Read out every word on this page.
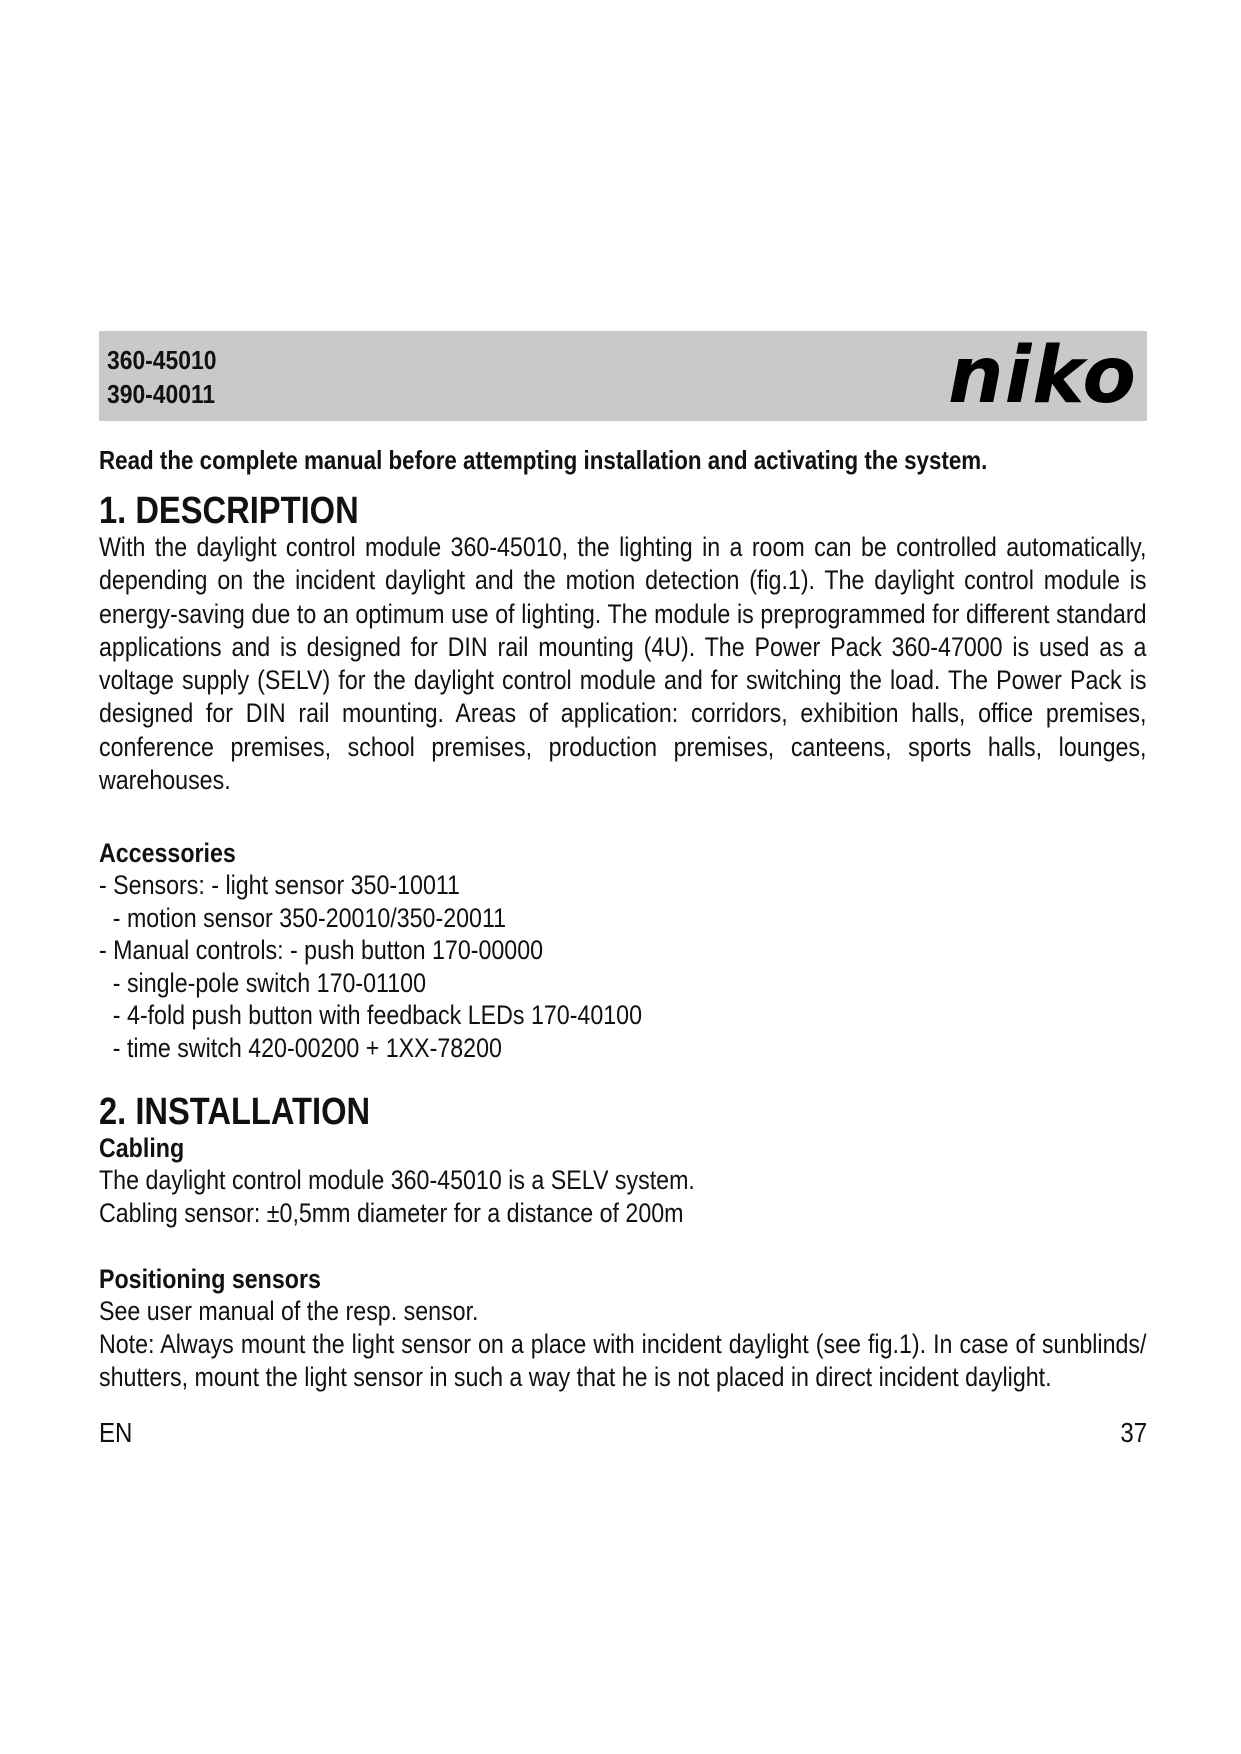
360-45010
390-40011	niko
Read the complete manual before attempting installation and activating the system.
1. DESCRIPTION

With the daylight control module 360-45010, the lighting in a room can be controlled automatically, depending on the incident daylight and the motion detection (fig.1). The daylight control module is energy-saving due to an optimum use of lighting. The module is preprogrammed for different standard applications and is designed for DIN rail mounting (4U). The Power Pack 360-47000 is used as a voltage supply (SELV) for the daylight control module and for switching the load. The Power Pack is designed for DIN rail mounting. Areas of application: corridors, exhibition halls, office premises, conference premises, school premises, production premises, canteens, sports halls, lounges, warehouses.

Accessories
- Sensors: - light sensor 350-10011
- motion sensor 350-20010/350-20011
- Manual controls: - push button 170-00000
- single-pole switch 170-01100
- 4-fold push button with feedback LEDs 170-40100
- time switch 420-00200 + 1XX-78200
2. INSTALLATION
Cabling
The daylight control module 360-45010 is a SELV system.
Cabling sensor: ±0,5mm diameter for a distance of 200m
Positioning sensors
See user manual of the resp. sensor.

Note: Always mount the light sensor on a place with incident daylight (see fig.1). In case of sunblinds/ shutters, mount the light sensor in such a way that he is not placed in direct incident daylight.

EN	37
